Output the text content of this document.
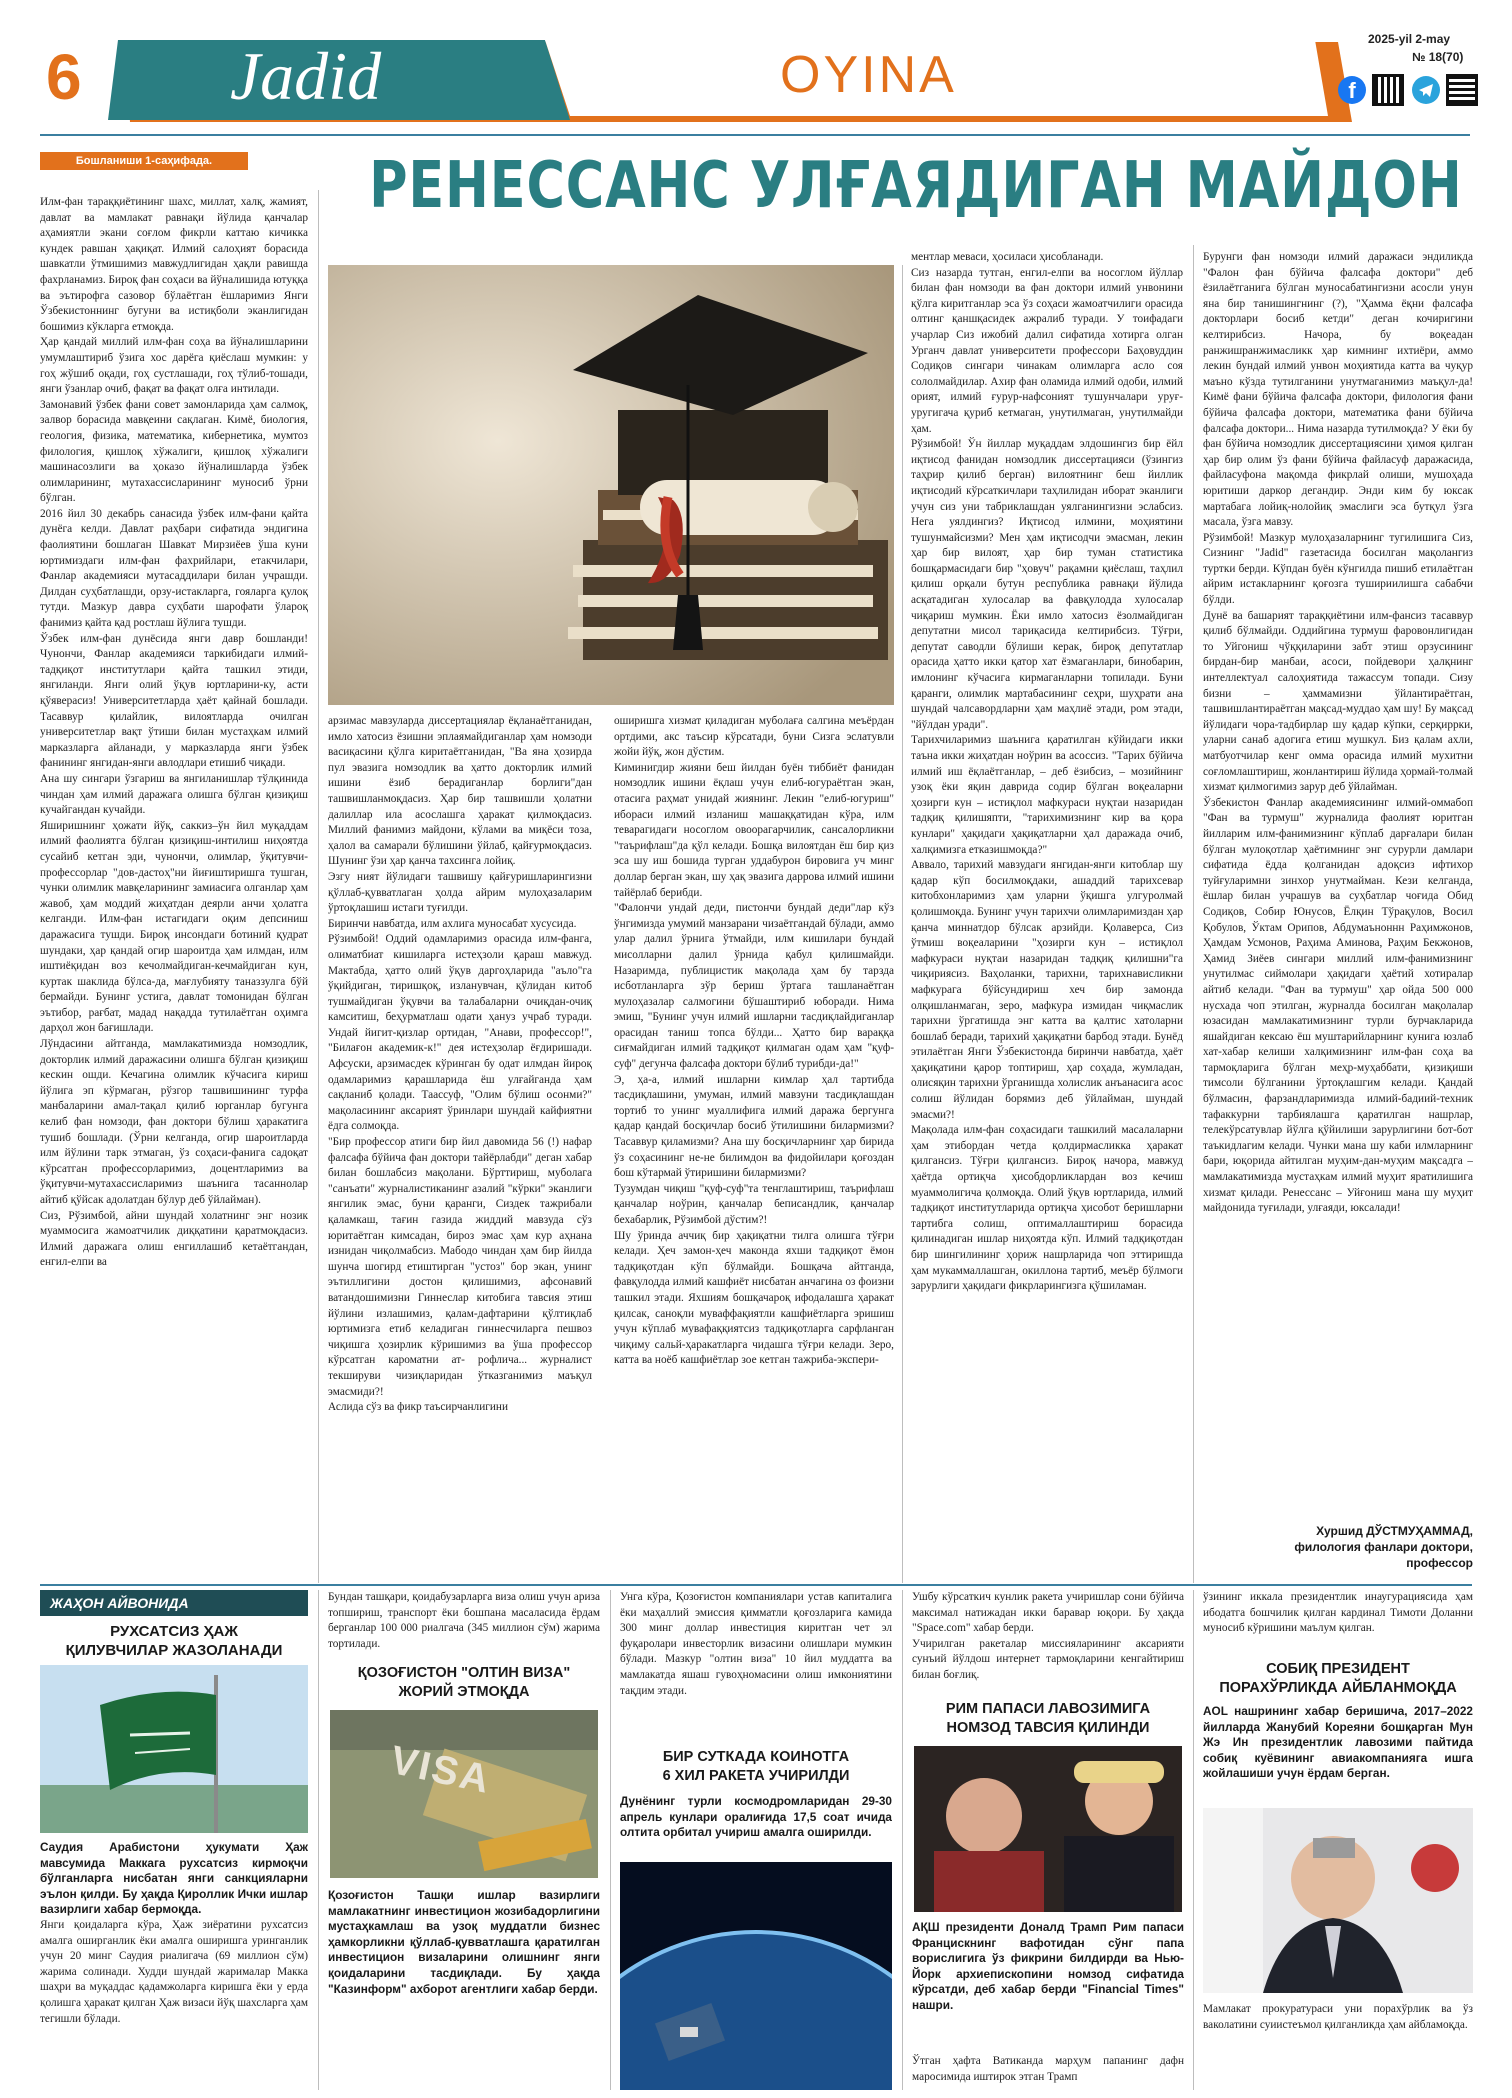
6 Jadid	OYINA
2025-yil 2-may
№ 18(70)
f
Бошланиши 1-саҳифада.	РЕНЕССАНС УЛҒАЯДИГАН МАЙДОН
Илм-фан тараққиётининг шахс, миллат, халқ, жамият, давлат ва мамлакат равнақи йўлида қанчалар аҳамиятли экани соғлом фикрли каттаю кичикка кундек равшан ҳақиқат. Илмий салоҳият борасида шавкатли ўтмишимиз мавжудлигидан ҳақли равишда фахрланамиз. Бироқ фан соҳаси ва йўналишида ютуққа ва эътирофга сазовор бўлаётган ёшларимиз Янги Ўзбекистоннинг бугуни ва истиқболи эканлигидан бошимиз кўкларга етмоқда.
Ҳар қандай миллий илм-фан соҳа ва йўналишларини умумлаштириб ўзига хос дарёга қиёслаш мумкин: у гоҳ жўшиб оқади, гоҳ сустлашади, гоҳ тўлиб-тошади, янги ўзанлар очиб, фақат ва фақат олға интилади.
Замонавий ўзбек фани совет замонларида ҳам салмоқ, залвор борасида мавқеини сақлаган. Кимё, биология, геология, физика, математика, кибернетика, мумтоз филология, қишлоқ хўжалиги, қишлоқ хўжалиги машинасозлиги ва ҳоказо йўналишларда ўзбек олимларининг, мутахассисларининг муносиб ўрни бўлган.
2016 йил 30 декабрь санасида ўзбек илм-фани қайта дунёга келди. Давлат раҳбари сифатида эндигина фаолиятини бошлаган Шавкат Мирзиёев ўша куни юртимиздаги илм-фан фахрийлари, етакчилари, Фанлар академияси мутасаддилари билан учрашди. Дилдан суҳбатлашди, орзу-истакларга, гояларга қулоқ тутди. Мазкур давра суҳбати шарофати ўлароқ фанимиз қайта қад ростлаш йўлига тушди.
Ўзбек илм-фан дунёсида янги давр бошланди! Чунончи, Фанлар академияси таркибидаги илмий-тадқиқот институтлари қайта ташкил этиди, янгиланди. Янги олий ўқув юртларини-ку, асти қўяверасиз! Университетларда ҳаёт қайнай бошлади. Тасаввур қилайлик, вилоятларда очилган университетлар вақт ўтиши билан мустаҳкам илмий марказларга айланади, у марказларда янги ўзбек фанининг янгидан-янги авлодлари етишиб чиқади.
Ана шу сингари ўзгариш ва янгиланишлар тўлқинида чиндан ҳам илмий даражага олишга бўлган қизиқиш кучайгандан кучайди.
Яширишнинг ҳожати йўқ, саккиз–ўн йил муқаддам илмий фаолиятга бўлган қизиқиш-интилиш ниҳоятда сусайиб кетган эди, чунончи, олимлар, ўқитувчи-профессорлар "дов-дастоҳ"ни йиғиштиришга тушган, чунки олимлик мавқеларининг замиасига олганлар ҳам жавоб, ҳам моддий жиҳатдан деярли анчи ҳолатга келганди. Илм-фан истагидаги оқим депсиниш даражасига тушди. Бироқ инсондаги ботиний қудрат шундаки, ҳар қандай огир шароитда ҳам илмдан, илм иштиёқидан воз кечолмайдиган-кечмайдиган кун, куртак шаклида бўлса-да, мағлубияту таназзулга бўй бермайди. Бунинг устига, давлат томонидан бўлган эътибор, рағбат, мадад нақадда тутилаётган оҳимга дарҳол жон бағишлади.
Лўндасини айтганда, мамлакатимизда номзодлик, докторлик илмий даражасини олишга бўлган қизиқиш кескин ошди. Кечагина олимлик кўчасига кириш йўлига эп кўрмаган, рўзгор ташвишининг турфа манбаларини амал-тақал қилиб юрганлар бугунга келиб фан номзоди, фан доктори бўлиш ҳаракатига тушиб бошлади. (Ўрни келганда, огир шароитларда илм йўлини тарк этмаган, ўз соҳаси-фанига садоқат кўрсатган профессорларимиз, доцентларимиз ва ўқитувчи-мутахассисларимиз шаънига тасаннолар айтиб қўйсак адолатдан бўлур деб ўйлайман).
Сиз, Рўзимбой, айни шундай холатнинг энг нозик муаммосига жамоатчилик диққатини қаратмоқдасиз. Илмий даражага олиш енгиллашиб кетаётгандан, енгил-елпи ва
арзимас мавзуларда диссертациялар ёқланаётганидан, имло хатосиз ёзишни эплаямайдиганлар ҳам номзоди васиқасини қўлга киритаётганидан, "Ва яна ҳозирда пул эвазига номзодлик ва ҳатто докторлик илмий ишини ёзиб берадиганлар борлиги"дан ташвишланмоқдасиз. Ҳар бир ташвишли ҳолатни далиллар ила асослашга ҳаракат қилмоқдасиз. Миллий фанимиз майдони, кўлами ва миқёси тоза, ҳалол ва самарали бўлишини ўйлаб, қайғурмоқдасиз. Шунинг ўзи ҳар қанча тахсинга лойиқ.
Эзгу ният йўлидаги ташвишу қайғуришларингизни қўллаб-қувватлаган ҳолда айрим мулоҳазаларим ўртоқлашиш истаги туғилди.
Биринчи навбатда, илм ахлига муносабат хусусида.
Рўзимбой! Оддий одамларимиз орасида илм-фанга, олиматбиат кишиларга истеҳзоли қараш мавжуд. Мактабда, ҳатто олий ўқув даргоҳларида "аъло"га ўқийдиган, тиришқоқ, изланувчан, қўлидан китоб тушмайдиган ўқувчи ва талабаларни очиқдан-очиқ камситиш, беҳурматлаш одати ҳануз учраб туради. Ундай йигит-қизлар ортидан, "Анави, профессор!", "Билағон академик-к!" дея истеҳзолар ёғдиришади. Афсуски, арзимасдек кўринган бу одат илмдан йироқ одамларимиз қарашларида ёш улғайганда ҳам сақланиб қолади. Таассуф, "Олим бўлиш осонми?" мақоласининг аксарият ўринлари шундай кайфиятни ёдга солмоқда.
"Бир профессор атиги бир йил давомида 56 (!) нафар фалсафа бўйича фан доктори тайёрлабди" деган хабар билан бошлабсиз мақолани. Бўрттириш, муболага "санъати" журналистиканинг азалий "кўрки" эканлиги янгилик эмас, буни қаранги, Сиздек тажрибали қаламкаш, тағин газида жиддий мавзуда сўз юритаётган кимсадан, бироз эмас ҳам кур аҳнана изнидан чиқолмабсиз. Мабодо чиндан ҳам бир йилда шунча шогирд етиштирган "устоз" бор экан, унинг эътиллигини достон қилишимиз, афсонавий ватандошимизни Гиннеслар китобига тавсия этиш йўлини излашимиз, қалам-дафтарини қўлтиқлаб юртимизга етиб келадиган гиннесчиларга пешвоз чиқишга ҳозирлик кўришимиз ва ўша профессор кўрсатган кароматни ат- рофлича... журналист текшируви чизиқларидан ўтказганимиз маъқул эмасмиди?!
Аслида сўз ва фикр таъсирчанлигини
оширишга хизмат қиладиган муболаға салгина меъёрдан ортдими, акс таъсир кўрсатади, буни Сизга эслатувли жойи йўқ, жон дўстим.
Киминигдир жияни беш йилдан буён тиббиёт фанидан номзодлик ишини ёқлаш учун елиб-югураётган экан, отасига раҳмат унидай жиянинг. Лекин "елиб-югуриш" ибораси илмий изланиш машаққатидан кўра, илм теварагидаги носоглом овоорагарчилик, сансалорликни "таърифлаш"да қўл келади. Бошқа вилоятдан ёш бир қиз эса шу иш бошида турган уддабурон бировига уч минг доллар берган экан, шу ҳақ эвазига даррова илмий ишини тайёрлаб берибди.
"Фалончи ундай деди, пистончи бундай деди"лар кўз ўнгимизда умумий манзарани чизаётгандай бўлади, аммо улар далил ўрнига ўтмайди, илм кишилари бундай мисолларни далил ўрнида қабул қилишмайди. Назаримда, публицистик мақолада ҳам бу тарзда исботланларга зўр бериш ўртага ташланаётган мулоҳазалар салмогини бўшаштириб юборади. Нима эмиш, "Бунинг учун илмий ишларни тасдиқлайдиганлар орасидан таниш топса бўлди... Ҳатто бир вараққа сиғмайдиган илмий тадқиқот қилмаган одам ҳам "қуф-суф" дегунча фалсафа доктори бўлиб турибди-да!"
Э, ҳа-а, илмий ишларни кимлар ҳал тартибда тасдиқлашини, умуман, илмий мавзуни тасдиқлашдан тортиб то унинг муаллифига илмий даража бергунга қадар қандай босқичлар босиб ўтилишини билармизми? Тасаввур қиламизми? Ана шу босқичларнинг ҳар бирида ўз соҳасининг не-не билимдон ва фидойилари қоғоздан бош кўтармай ўтиришини билармизми?
Тузумдан чиқиш "қуф-суф"та тенглаштириш, таърифлаш қанчалар ноўрин, қанчалар беписандлик, қанчалар бехабарлик, Рўзимбой дўстим?!
Шу ўринда аччиқ бир ҳақиқатни тилга олишга тўғри келади. Ҳеч замон-ҳеч маконда яхши тадқиқот ёмон тадқиқотдан кўп бўлмайди. Бошқача айтганда, фавқулодда илмий кашфиёт нисбатан анчагина оз фоизни ташкил этади. Яхшиям бошқачароқ ифодалашга ҳаракат қилсак, саноқли муваффақиятли кашфиётларга эришиш учун кўплаб мувафаққиятсиз тадқиқотларга сарфланган чиқиму сальй-ҳаракатларга чидашга тўғри келади. Зеро, катта ва ноёб кашфиётлар зое кетган тажриба-экспери-
ментлар меваси, ҳосиласи ҳисобланади.
Сиз назарда тутган, енгил-елпи ва носоглом йўллар билан фан номзоди ва фан доктори илмий унвонини қўлга киритганлар эса ўз соҳаси жамоатчилиги орасида олтинг қаншқасидек ажралиб туради. У тоифадаги учарлар Сиз ижобий далил сифатида хотирга олган Урганч давлат университети профессори Баҳовуддин Содиқов сингари чинакам олимларга асло соя сололмайдилар. Ахир фан оламида илмий одоби, илмий орият, илмий ғурур-нафсоният тушунчалари уруғ-уругигача қуриб кетмаган, унутилмаган, унутилмайди ҳам.
Рўзимбой! Ўн йиллар муқаддам элдошингиз бир ёйл иқтисод фанидан номзодлик диссертацияси (ўзингиз таҳрир қилиб берган) вилоятнинг беш йиллик иқтисодий кўрсаткичлари таҳлилидан иборат эканлиги учун сиз уни табриклашдан уялганингизни эслабсиз. Нега уялдингиз? Иқтисод илмини, моҳиятини тушунмайсизми? Мен ҳам иқтисодчи эмасман, лекин ҳар бир вилоят, ҳар бир туман статистика бошқармасидаги бир "ҳовуч" рақамни қиёслаш, таҳлил қилиш орқали бутун республика равнақи йўлида асқатадиган хулосалар ва фавқулодда хулосалар чиқариш мумкин. Ёки имло хатосиз ёзолмайдиган депутатни мисол тариқасида келтирибсиз. Тўғри, депутат саводли бўлиши керак, бироқ депутатлар орасида ҳатто икки қатор хат ёзмаганлари, бинобарин, имлонинг кўчасига кирмаганларни топилади. Буни қаранги, олимлик мартабасининг сеҳри, шуҳрати ана шундай чалсавордларни ҳам маҳлиё этади, ром этади, "йўлдан уради".
Тарихчиларимиз шаънига қаратилган кўйидаги икки таъна икки жиҳатдан ноўрин ва асоссиз. "Тарих бўйича илмий иш ёқлаётганлар, – деб ёзибсиз, – мозийнинг узоқ ёки яқин даврида содир бўлган воқеаларни ҳозирги кун – истиқлол мафкураси нуқтаи назаридан тадқиқ қилишяпти, "тарихимизнинг кир ва қора кунлари" ҳақидаги ҳақиқатларни ҳал даражада очиб, халқимизга етказишмоқда?"
Аввало, тарихий мавзудаги янгидан-янги китоблар шу қадар кўп босилмоқдаки, ашаддий тарихсевар китобхонларимиз ҳам уларни ўқишга улгуролмай қолишмоқда. Бунинг учун тарихчи олимларимиздан ҳар қанча миннатдор бўлсак арзийди. Қолаверса, Сиз ўтмиш воқеаларини "ҳозирги кун – истиқлол мафкураси нуқтаи назаридан тадқиқ қилишни"га чиқириясиз. Ваҳоланки, тарихни, тарихнависликни мафкурага бўйсундириш хеч бир замонда олқишланмаган, зеро, мафкура измидан чиқмаслик тарихни ўргатишда энг катта ва қалтис хатоларни бошлаб беради, тарихий ҳақиқатни барбод этади. Бунёд этилаётган Янги Ўзбекистонда биринчи навбатда, ҳаёт ҳақиқатини қарор топтириш, ҳар соҳада, жумладан, олисяқин тарихни ўрганишда холислик анъанасига асос солиш йўлидан борямиз деб ўйлайман, шундай эмасми?!
Мақолада илм-фан соҳасидаги ташкилий масалаларни ҳам этибордан четда қолдирмасликка ҳаракат қилгансиз. Тўғри қилгансиз. Бироқ начора, мавжуд ҳаётда ортиқча ҳисобдорликлардан воз кечиш муаммолигича қолмоқда. Олий ўқув юртларида, илмий тадқиқот институтларида ортиқча ҳисобот беришларни тартибга солиш, оптималлаштириш борасида қилинадиган ишлар ниҳоятда кўп. Илмий тадқиқотдан бир шингилининг ҳориж нашрларида чоп эттиришда ҳам мукаммаллашган, окиллона тартиб, меъёр бўлмоги зарурлиги ҳақидаги фикрларингизга қўшиламан.
Бурунги фан номзоди илмий даражаси эндиликда "Фалон фан бўйича фалсафа доктори" деб ёзилаётганига бўлган муносабатингизни асосли унун яна бир танишингнинг (?), "Ҳамма ёқни фалсафа докторлари босиб кетди" деган кочиригини келтирибсиз. Начора, бу воқеадан ранжишранжимасликк ҳар кимнинг ихтиёри, аммо лекин бундай илмий унвон моҳиятида катта ва чуқур маъно кўзда тутилганини унутмаганимиз маъқул-да! Кимё фани бўйича фалсафа доктори, филология фани бўйича фалсафа доктори, математика фани бўйича фалсафа доктори... Нима назарда тутилмоқда? У ёки бу фан бўйича номзодлик диссертациясини ҳимоя қилган ҳар бир олим ўз фани бўйича файласуф даражасида, файласуфона мақомда фикрлай олиши, мушоҳада юритиши даркор дегандир. Энди ким бу юксак мартабага лойиқ-нолойиқ эмаслиги эса бутқул ўзга масала, ўзга мавзу.
Рўзимбой! Мазкур мулоҳазаларнинг тугилишига Сиз, Сизнинг "Jadid" газетасида босилган мақолангиз туртки берди. Кўпдан буён кўнгилда пишиб етилаётган айрим истакларнинг қоғозга тушириилишга сабабчи бўлди.
Дунё ва башарият тараққиётини илм-фансиз тасаввур қилиб бўлмайди. Оддийгина турмуш фаровонлигидан то Уйгониш чўққиларини забт этиш орзусининг бирдан-бир манбаи, асоси, пойдевори ҳалқнинг интеллектуал салоҳиятида тажассум топади. Сизу бизни – ҳаммамизни ўйлантираётган, ташвишлантираётган мақсад-муддао ҳам шу! Бу мақсад йўлидаги чора-тадбирлар шу қадар кўпки, серқиррки, уларни санаб адогига етиш мушкул. Биз қалам ахли, матбуотчилар кенг омма орасида илмий мухитни соғломлаштириш, жонлантириш йўлида ҳормай-толмай хизмат қилмогимиз зарур деб ўйлайман.
Ўзбекистон Фанлар академиясининг илмий-оммабоп "Фан ва турмуш" журналида фаолият юритган йилларим илм-фанимизнинг кўплаб дарғалари билан бўлган мулоқотлар ҳаётимнинг энг сурурли дамлари сифатида ёдда қолганидан адоқсиз ифтихор туйғуларимни зинхор унутмайман. Кези келганда, ёшлар билан учрашув ва суҳбатлар чоғида Обид Содиқов, Собир Юнусов, Ёлқин Тўрақулов, Восил Қобулов, Ўктам Орипов, Абдумаъноннн Раҳимжонов, Ҳамдам Усмонов, Раҳима Аминова, Раҳим Бекжонов, Ҳамид Зиёев сингари миллий илм-фанимизнинг унутилмас сиймолари ҳақидаги ҳаётий хотиралар айтиб келади. "Фан ва турмуш" ҳар ойда 500 000 нусхада чоп этилган, журналда босилган мақолалар юзасидан мамлакатимизнинг турли бурчакларида яшайдиган кексаю ёш муштарийларнинг кунига юзлаб хат-хабар келиши халқимизнинг илм-фан соҳа ва тармоқларига бўлган меҳр-муҳаббати, қизиқиши тимсоли бўлганини ўртоқлашгим келади. Қандай бўлмасин, фарзандларимизда илмий-бадиий-техник тафаккурни тарбиялашга қаратилган нашрлар, телекўрсатувлар йўлга қўйилиши зарурлигини бот-бот таъкидлагим келади. Чунки мана шу каби илмларнинг бари, юқорида айтилган муҳим-дан-муҳим мақсадга – мамлакатимизда мустаҳкам илмий муҳит яратилишига хизмат қилади. Ренессанс – Уйғониш мана шу муҳит майдонида туғилади, улғаяди, юксалади!
Хуршид ДЎСТМУҲАММАД,
филология фанлари доктори,
профессор
ЖАҲОН АЙВОНИДА
РУХСАТСИЗ ҲАЖ
ҚИЛУВЧИЛАР ЖАЗОЛАНАДИ
Саудия Арабистони ҳукумати Ҳаж мавсумида Маккага рухсатсиз кирмоқчи бўлганларга нисбатан янги санкцияларни эълон қилди. Бу ҳақда Қироллик Ички ишлар вазирлиги хабар бермоқда.
Янги қоидаларга кўра, Ҳаж зиёратини рухсатсиз амалга оширганлик ёки амалга оширишга уринганлик учун 20 минг Саудия риалигача (69 миллион сўм) жарима солинади. Худди шундай жарималар Макка шаҳри ва муқаддас қадамжоларга киришга ёки у ерда қолишга ҳаракат қилган Ҳаж визаси йўқ шахсларга ҳам тегишли бўлади.
Бундан ташқари, қоидабузарларга виза олиш учун ариза топшириш, транспорт ёки бошпана масаласида ёрдам берганлар 100 000 риалгача (345 миллион сўм) жарима тортилади.
ҚОЗОҒИСТОН "ОЛТИН ВИЗА"
ЖОРИЙ ЭТМОҚДА
VISA
Қозоғистон Ташқи ишлар вазирлиги мамлакатнинг инвестицион жозибадорлигини мустаҳкамлаш ва узоқ муддатли бизнес ҳамкорликни қўллаб-қувватлашга қаратилган инвестицион визаларини олишнинг янги қоидаларини тасдиқлади. Бу ҳақда "Казинформ" ахборот агентлиги хабар берди.
Унга кўра, Қозоғистон компаниялари устав капиталига ёки маҳаллий эмиссия қимматли қоғозларига камида 300 минг доллар инвестиция киритган чет эл фуқаролари инвесторлик визасини олишлари мумкин бўлади. Мазкур "олтин виза" 10 йил муддатга ва мамлакатда яшаш гувоҳномасини олиш имкониятини тақдим этади.
БИР СУТКАДА КОИНОТГА
6 ХИЛ РАКЕТА УЧИРИЛДИ
Дунёнинг турли космодромларидан 29-30 апрель кунлари оралиғида 17,5 соат ичида олтита орбитал учириш амалга оширилди.
Ушбу кўрсаткич кунлик ракета учиришлар сони бўйича максимал натижадан икки баравар юқори. Бу ҳақда "Space.com" хабар берди.
Учирилган ракеталар миссияларининг аксарияти сунъий йўлдош интернет тармоқларини кенгайтириш билан боғлиқ.
РИМ ПАПАСИ ЛАВОЗИМИГА
НОМЗОД ТАВСИЯ ҚИЛИНДИ
АҚШ президенти Доналд Трамп Рим папаси Францискнинг вафотидан сўнг папа ворислигига ўз фикрини билдирди ва Нью-Йорк архиепископини номзод сифатида кўрсатди, деб хабар берди "Financial Times" нашри.
Ўтган ҳафта Ватиканда марҳум папанинг дафн маросимида иштирок этган Трамп
ўзининг иккала президентлик инаугурациясида ҳам ибодатга бошчилик қилган кардинал Тимоти Доланни муносиб кўришини маълум қилган.
СОБИҚ ПРЕЗИДЕНТ
ПОРАХЎРЛИКДА АЙБЛАНМОҚДА
AOL нашрининг хабар беришича, 2017–2022 йилларда Жанубий Кореяни бошқарган Мун Жэ Ин президентлик лавозими пайтида собиқ куёвининг авиакомпанияга ишга жойлашиши учун ёрдам берган.
Мамлакат прокуратураси уни порахўрлик ва ўз ваколатини суиистеъмол қилганликда ҳам айбламоқда.
